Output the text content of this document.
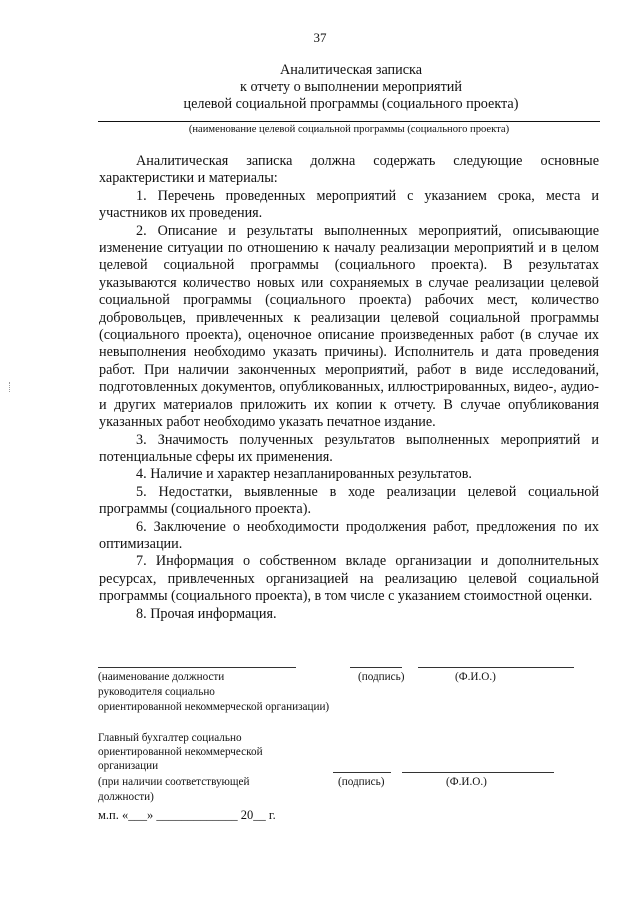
37
Аналитическая записка
к отчету о выполнении мероприятий
целевой социальной программы (социального проекта)
(наименование целевой социальной программы (социального проекта)

Аналитическая записка должна содержать следующие основные характеристики и материалы:

1. Перечень проведенных мероприятий с указанием срока, места и участников их проведения.

2. Описание и результаты выполненных мероприятий, описывающие изменение ситуации по отношению к началу реализации мероприятий и в целом целевой социальной программы (социального проекта). В результатах указываются количество новых или сохраняемых в случае реализации целевой социальной программы (социального проекта) рабочих мест, количество добровольцев, привлеченных к реализации целевой социальной программы (социального проекта), оценочное описание произведенных работ (в случае их невыполнения необходимо указать причины). Исполнитель и дата проведения работ. При наличии законченных мероприятий, работ в виде исследований, подготовленных документов, опубликованных, иллюстрированных, видео-, аудио- и других материалов приложить их копии к отчету. В случае опубликования указанных работ необходимо указать печатное издание.

3. Значимость полученных результатов выполненных мероприятий и потенциальные сферы их применения.

4. Наличие и характер незапланированных результатов.

5. Недостатки, выявленные в ходе реализации целевой социальной программы (социального проекта).

6. Заключение о необходимости продолжения работ, предложения по их оптимизации.

7. Информация о собственном вкладе организации и дополнительных ресурсах, привлеченных организацией на реализацию целевой социальной программы (социального проекта), в том числе с указанием стоимостной оценки.

8. Прочая информация.

(наименование должности
руководителя социально
ориентированной некоммерческой организации)
(подпись)	(Ф.И.О.)
Главный бухгалтер социально
ориентированной некоммерческой
организации
(при наличии соответствующей
должности)
(подпись)	(Ф.И.О.)
м.п. «___» _____________ 20__ г.
